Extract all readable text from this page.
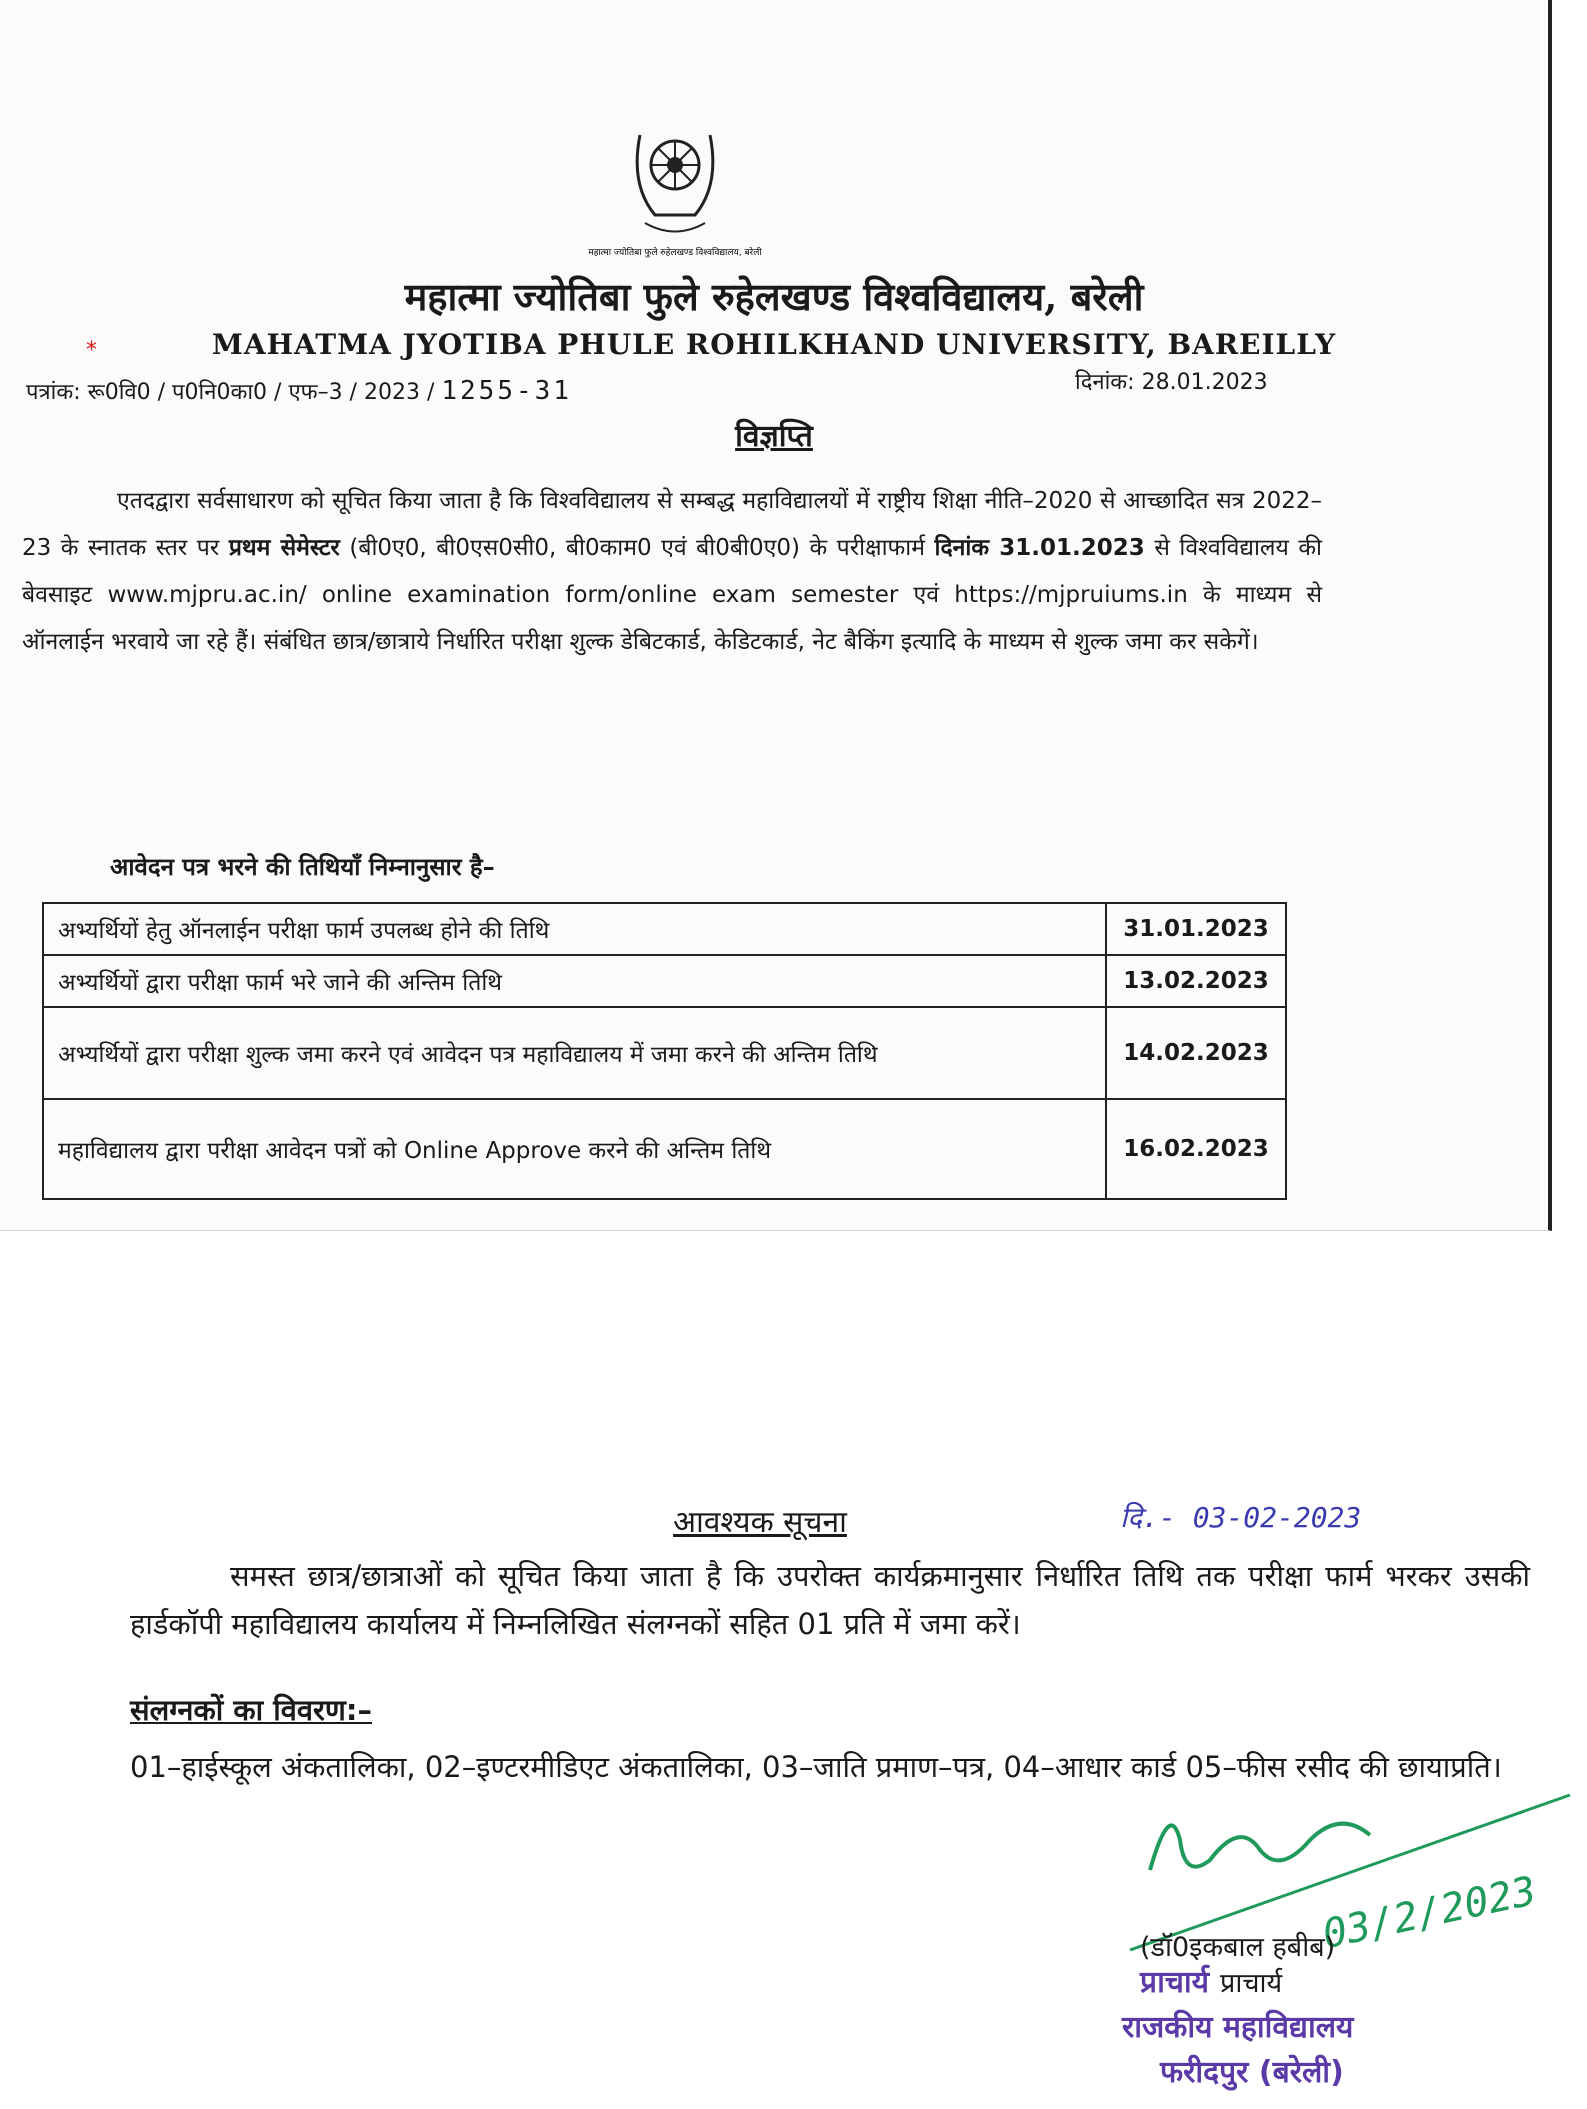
महात्मा ज्योतिबा फुले रुहेलखण्ड विश्वविद्यालय, बरेली
महात्मा ज्योतिबा फुले रुहेलखण्ड विश्वविद्यालय, बरेली
*	MAHATMA JYOTIBA PHULE ROHILKHAND UNIVERSITY, BAREILLY
पत्रांक: रू0वि0 / प0नि0का0 / एफ–3 / 2023 / 1255-31	दिनांक: 28.01.2023
विज्ञप्ति
एतदद्वारा सर्वसाधारण को सूचित किया जाता है कि विश्वविद्यालय से सम्बद्ध महाविद्यालयों में राष्ट्रीय शिक्षा नीति–2020 से आच्छादित सत्र 2022–23 के स्नातक स्तर पर प्रथम सेमेस्टर (बी0ए0, बी0एस0सी0, बी0काम0 एवं बी0बी0ए0) के परीक्षाफार्म दिनांक 31.01.2023 से विश्वविद्यालय की बेवसाइट www.mjpru.ac.in/ online examination form/online exam semester एवं https://mjpruiums.in के माध्यम से ऑनलाईन भरवाये जा रहे हैं। संबंधित छात्र/छात्राये निर्धारित परीक्षा शुल्क डेबिटकार्ड, केडिटकार्ड, नेट बैकिंग इत्यादि के माध्यम से शुल्क जमा कर सकेगें।
आवेदन पत्र भरने की तिथियॉं निम्नानुसार है–
अभ्यर्थियों हेतु ऑनलाईन परीक्षा फार्म उपलब्ध होने की तिथि	31.01.2023
अभ्यर्थियों द्वारा परीक्षा फार्म भरे जाने की अन्तिम तिथि	13.02.2023
अभ्यर्थियों द्वारा परीक्षा शुल्क जमा करने एवं आवेदन पत्र महाविद्यालय में जमा करने की अन्तिम तिथि	14.02.2023
महाविद्यालय द्वारा परीक्षा आवेदन पत्रों को Online Approve करने की अन्तिम तिथि	16.02.2023
आवश्यक सूचना	दि.- 03-02-2023
समस्त छात्र/छात्राओं को सूचित किया जाता है कि उपरोक्त कार्यक्रमानुसार निर्धारित तिथि तक परीक्षा फार्म भरकर उसकी हार्डकॉपी महाविद्यालय कार्यालय में निम्नलिखित संलग्नकों सहित 01 प्रति में जमा करें।
संलग्नकों का विवरण:–
01–हाईस्कूल अंकतालिका, 02–इण्टरमीडिएट अंकतालिका, 03–जाति प्रमाण–पत्र, 04–आधार कार्ड 05–फीस रसीद की छायाप्रति।
03/2/2023
(डॉ0इकबाल हबीब)
प्राचार्य
प्राचार्य
राजकीय महाविद्यालय
फरीदपुर (बरेली)
